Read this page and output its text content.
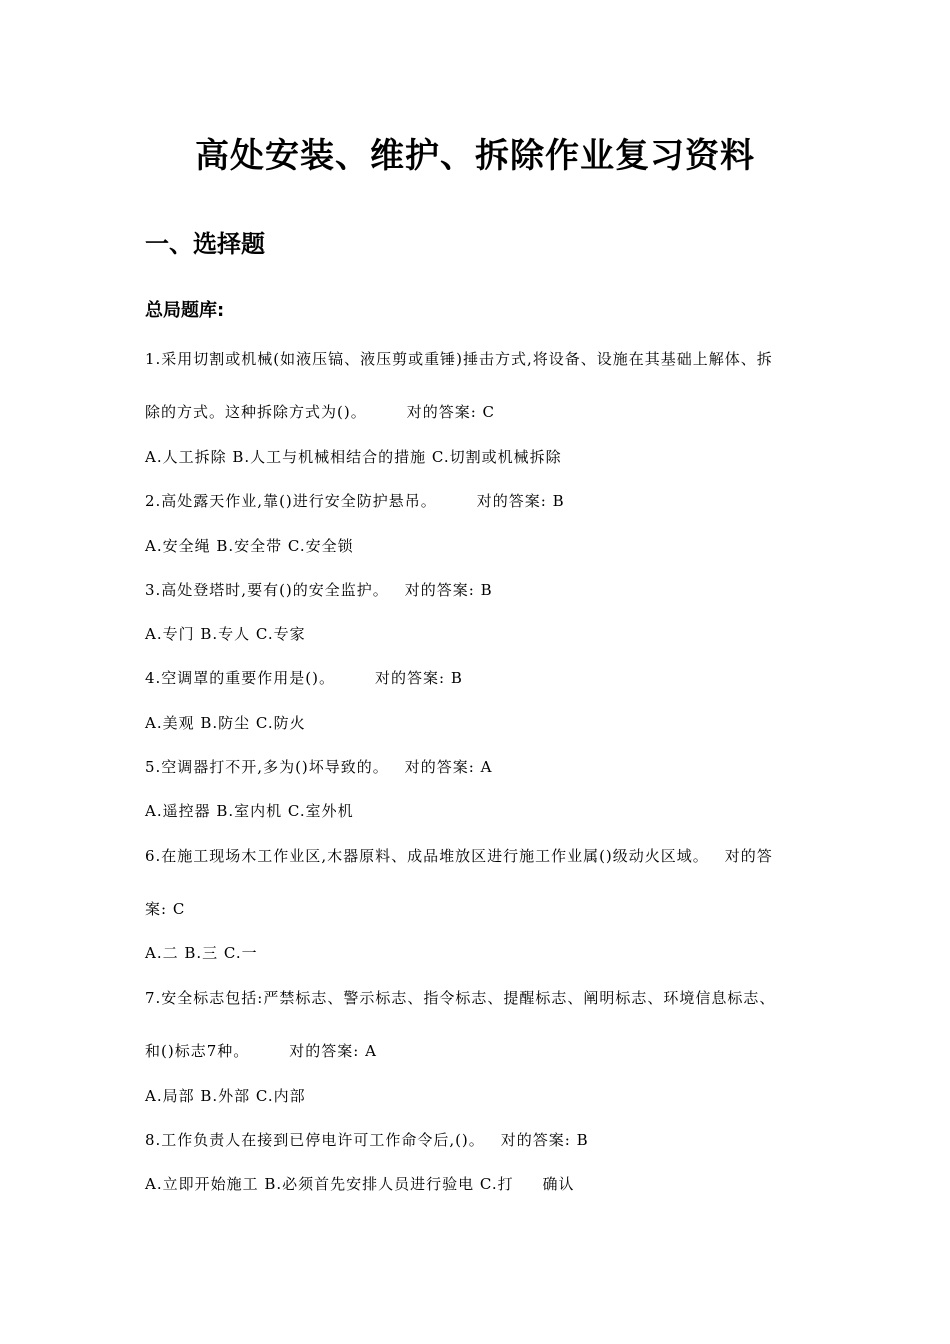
高处安装、维护、拆除作业复习资料
一、选择题
总局题库:
1.采用切割或机械(如液压镐、液压剪或重锤)捶击方式,将设备、设施在其基础上解体、拆
除的方式。这种拆除方式为()。	对的答案: C
A.人工拆除 B.人工与机械相结合的措施 C.切割或机械拆除
2.高处露天作业,靠()进行安全防护悬吊。	对的答案: B
A.安全绳 B.安全带 C.安全锁
3.高处登塔时,要有()的安全监护。 对的答案: B
A.专门 B.专人 C.专家
4.空调罩的重要作用是()。	对的答案: B
A.美观 B.防尘 C.防火
5.空调器打不开,多为()坏导致的。 对的答案: A
A.遥控器 B.室内机 C.室外机
6.在施工现场木工作业区,木器原料、成品堆放区进行施工作业属()级动火区域。 对的答
案: C
A.二 B.三 C.一
7.安全标志包括:严禁标志、警示标志、指令标志、提醒标志、阐明标志、环境信息标志、
和()标志7种。	对的答案: A
A.局部 B.外部 C.内部
8.工作负责人在接到已停电许可工作命令后,()。 对的答案: B
A.立即开始施工 B.必须首先安排人员进行验电 C.打     确认
